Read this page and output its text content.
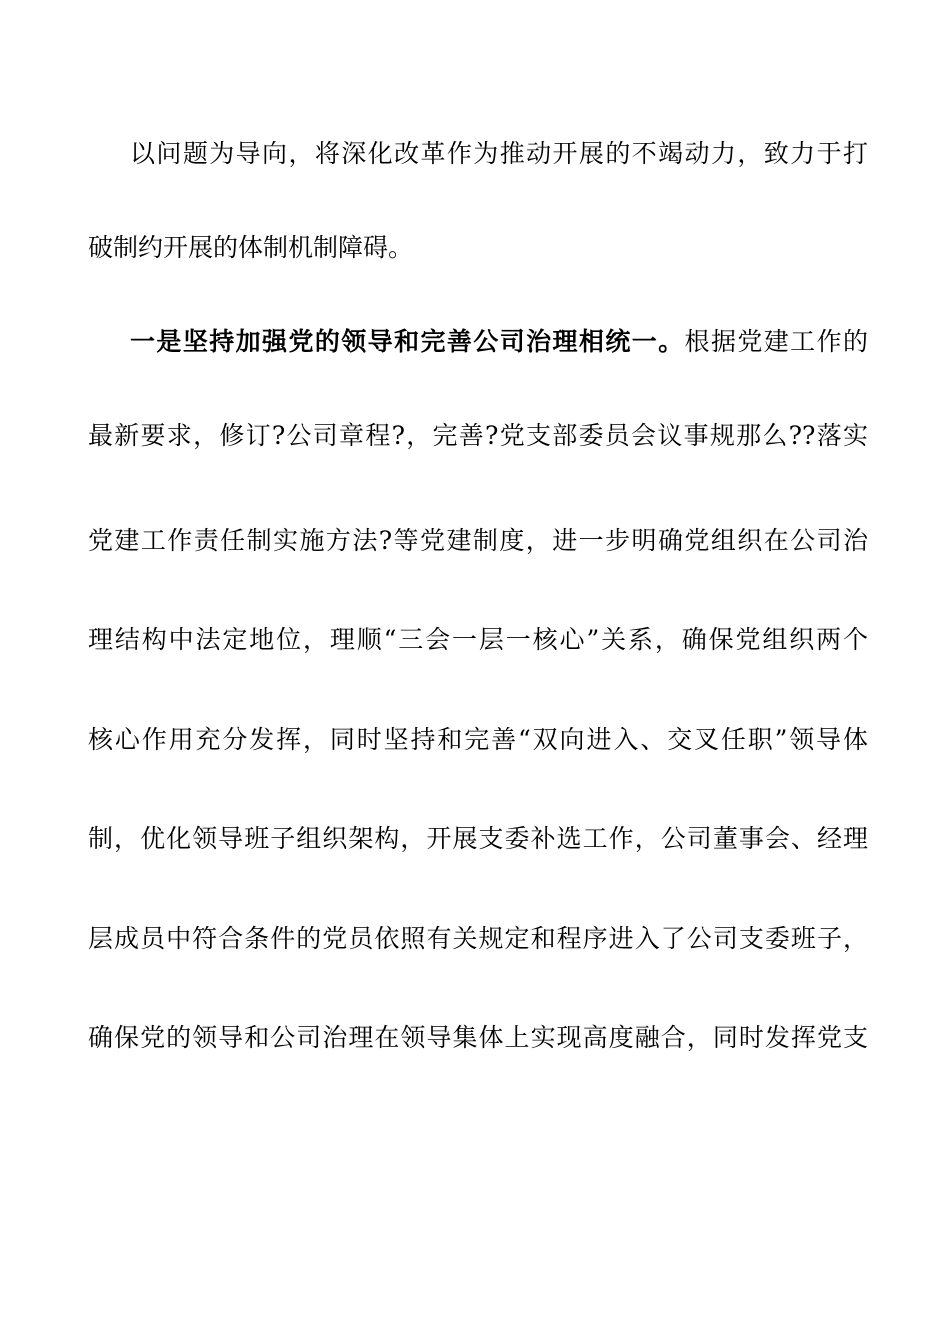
以问题为导向，将深化改革作为推动开展的不竭动力，致力于打
破制约开展的体制机制障碍。
一是坚持加强党的领导和完善公司治理相统一。根据党建工作的
最新要求，修订?公司章程?，完善?党支部委员会议事规那么??落实
党建工作责任制实施方法?等党建制度，进一步明确党组织在公司治
理结构中法定地位，理顺“三会一层一核心”关系，确保党组织两个
核心作用充分发挥，同时坚持和完善“双向进入、交叉任职”领导体
制，优化领导班子组织架构，开展支委补选工作，公司董事会、经理
层成员中符合条件的党员依照有关规定和程序进入了公司支委班子，
确保党的领导和公司治理在领导集体上实现高度融合，同时发挥党支
